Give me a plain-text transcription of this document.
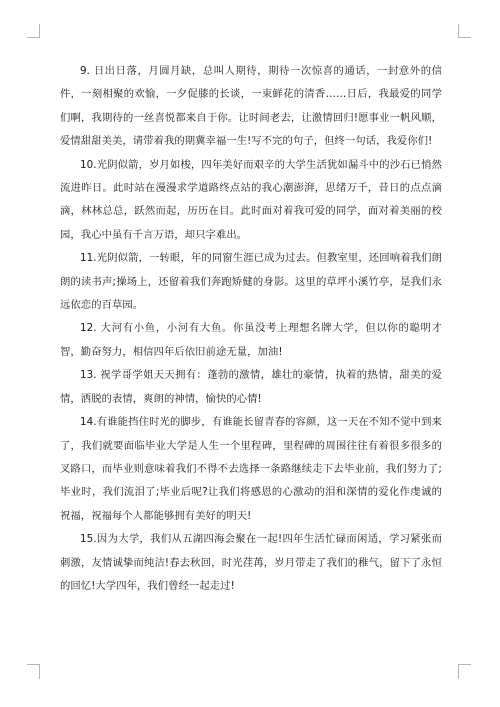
9. 日出日落，月圆月缺，总叫人期待，期待一次惊喜的通话，一封意外的信件，一刻相聚的欢愉，一夕促膝的长谈，一束鲜花的清香……日后，我最爱的同学们啊，我期待的一丝喜悦都来自于你。让时间老去，让激情回归!愿事业一帆风顺，爱情甜甜美美，请带着我的期冀幸福一生!写不完的句子，但终一句话，我爱你们!

10.光阴似箭，岁月如梭，四年美好而艰辛的大学生活犹如漏斗中的沙石已悄然流进昨日。此时站在漫漫求学道路终点站的我心潮澎湃，思绪万千，昔日的点点滴滴，林林总总，跃然而起，历历在目。此时面对着我可爱的同学，面对着美丽的校园，我心中虽有千言万语，却只字难出。

11.光阴似箭，一转眼，年的同窗生涯已成为过去。但教室里，还回响着我们朗朗的读书声;操场上，还留着我们奔跑矫健的身影。这里的草坪小溪竹亭，是我们永远依恋的百草园。

12. 大河有小鱼，小河有大鱼。你虽没考上理想名牌大学，但以你的聪明才智，勤奋努力，相信四年后依旧前途无量，加油!

13. 祝学哥学姐天天拥有：蓬勃的激情，雄壮的豪情，执着的热情，甜美的爱情，洒脱的表情，爽朗的神情，愉快的心情!

14.有谁能挡住时光的脚步，有谁能长留青春的容颜，这一天在不知不觉中到来了，我们就要面临毕业大学是人生一个里程碑，里程碑的周围往往有着很多很多的叉路口，而毕业则意味着我们不得不去选择一条路继续走下去毕业前，我们努力了;毕业时，我们流泪了;毕业后呢?让我们将感恩的心激动的泪和深情的爱化作虔诚的祝福，祝福每个人都能够拥有美好的明天!

15.因为大学，我们从五湖四海会聚在一起!四年生活忙碌而闲适，学习紧张而刺激，友情诚挚而纯洁!春去秋回，时光荏苒，岁月带走了我们的稚气，留下了永恒的回忆!大学四年，我们曾经一起走过!
